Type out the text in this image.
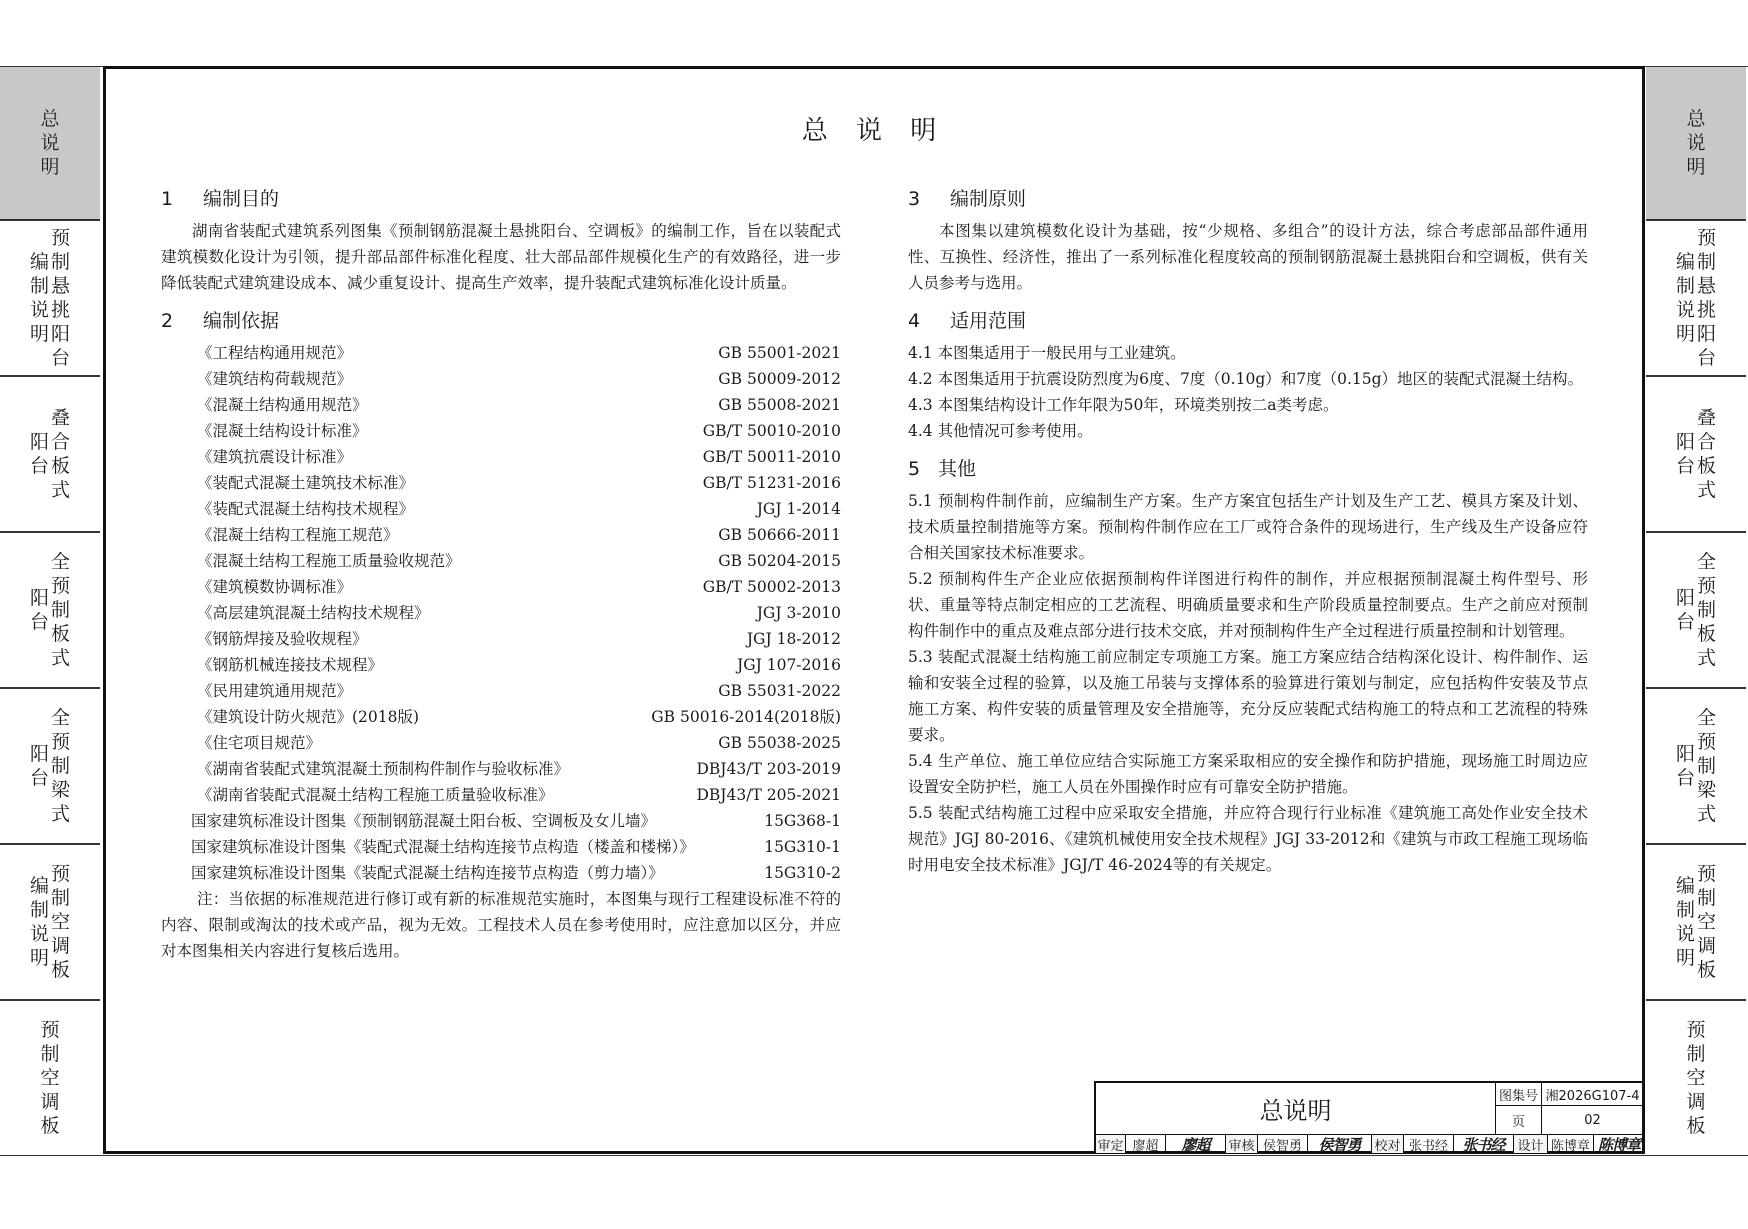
总
说
明
预
制
悬
挑
阳
台
编
制
说
明
叠
合
板
式
阳
台
全
预
制
板
式
阳
台
全
预
制
梁
式
阳
台
预
制
空
调
板
编
制
说
明
预
制
空
调
板
总
说
明
预
制
悬
挑
阳
台
编
制
说
明
叠
合
板
式
阳
台
全
预
制
板
式
阳
台
全
预
制
梁
式
阳
台
预
制
空
调
板
编
制
说
明
预
制
空
调
板
总 说 明
1 编制目的

湖南省装配式建筑系列图集《预制钢筋混凝土悬挑阳台、空调板》的编制工作，旨在以装配式建筑模数化设计为引领，提升部品部件标准化程度、壮大部品部件规模化生产的有效路径，进一步降低装配式建筑建设成本、减少重复设计、提高生产效率，提升装配式建筑标准化设计质量。

2 编制依据
《工程结构通用规范》	GB 55001-2021
《建筑结构荷载规范》	GB 50009-2012
《混凝土结构通用规范》	GB 55008-2021
《混凝土结构设计标准》	GB/T 50010-2010
《建筑抗震设计标准》	GB/T 50011-2010
《装配式混凝土建筑技术标准》	GB/T 51231-2016
《装配式混凝土结构技术规程》	JGJ 1-2014
《混凝土结构工程施工规范》	GB 50666-2011
《混凝土结构工程施工质量验收规范》	GB 50204-2015
《建筑模数协调标准》	GB/T 50002-2013
《高层建筑混凝土结构技术规程》	JGJ 3-2010
《钢筋焊接及验收规程》	JGJ 18-2012
《钢筋机械连接技术规程》	JGJ 107-2016
《民用建筑通用规范》	GB 55031-2022
《建筑设计防火规范》(2018版)	GB 50016-2014(2018版)
《住宅项目规范》	GB 55038-2025
《湖南省装配式建筑混凝土预制构件制作与验收标准》	DBJ43/T 203-2019
《湖南省装配式混凝土结构工程施工质量验收标准》	DBJ43/T 205-2021
国家建筑标准设计图集《预制钢筋混凝土阳台板、空调板及女儿墙》	15G368-1
国家建筑标准设计图集《装配式混凝土结构连接节点构造（楼盖和楼梯）》	15G310-1
国家建筑标准设计图集《装配式混凝土结构连接节点构造（剪力墙）》	15G310-2

注：当依据的标准规范进行修订或有新的标准规范实施时，本图集与现行工程建设标准不符的内容、限制或淘汰的技术或产品，视为无效。工程技术人员在参考使用时，应注意加以区分，并应对本图集相关内容进行复核后选用。

3 编制原则

本图集以建筑模数化设计为基础，按“少规格、多组合”的设计方法，综合考虑部品部件通用性、互换性、经济性，推出了一系列标准化程度较高的预制钢筋混凝土悬挑阳台和空调板，供有关人员参考与选用。

4 适用范围

4.1 本图集适用于一般民用与工业建筑。

4.2 本图集适用于抗震设防烈度为6度、7度（0.10g）和7度（0.15g）地区的装配式混凝土结构。

4.3 本图集结构设计工作年限为50年，环境类别按二a类考虑。

4.4 其他情况可参考使用。

5 其他

5.1 预制构件制作前，应编制生产方案。生产方案宜包括生产计划及生产工艺、模具方案及计划、技术质量控制措施等方案。预制构件制作应在工厂或符合条件的现场进行，生产线及生产设备应符合相关国家技术标准要求。

5.2 预制构件生产企业应依据预制构件详图进行构件的制作，并应根据预制混凝土构件型号、形状、重量等特点制定相应的工艺流程、明确质量要求和生产阶段质量控制要点。生产之前应对预制构件制作中的重点及难点部分进行技术交底，并对预制构件生产全过程进行质量控制和计划管理。

5.3 装配式混凝土结构施工前应制定专项施工方案。施工方案应结合结构深化设计、构件制作、运输和安装全过程的验算，以及施工吊装与支撑体系的验算进行策划与制定，应包括构件安装及节点施工方案、构件安装的质量管理及安全措施等，充分反应装配式结构施工的特点和工艺流程的特殊要求。

5.4 生产单位、施工单位应结合实际施工方案采取相应的安全操作和防护措施，现场施工时周边应设置安全防护栏，施工人员在外围操作时应有可靠安全防护措施。

5.5 装配式结构施工过程中应采取安全措施，并应符合现行行业标准《建筑施工高处作业安全技术规范》JGJ 80-2016、《建筑机械使用安全技术规程》JGJ 33-2012和《建筑与市政工程施工现场临时用电安全技术标准》JGJ/T 46-2024等的有关规定。

总说明
图集号 湘2026G107-4
页	02
审定 廖超	廖超 审核 侯智勇	侯智勇 校对 张书经 张书经 设计 陈博章 陈博章
